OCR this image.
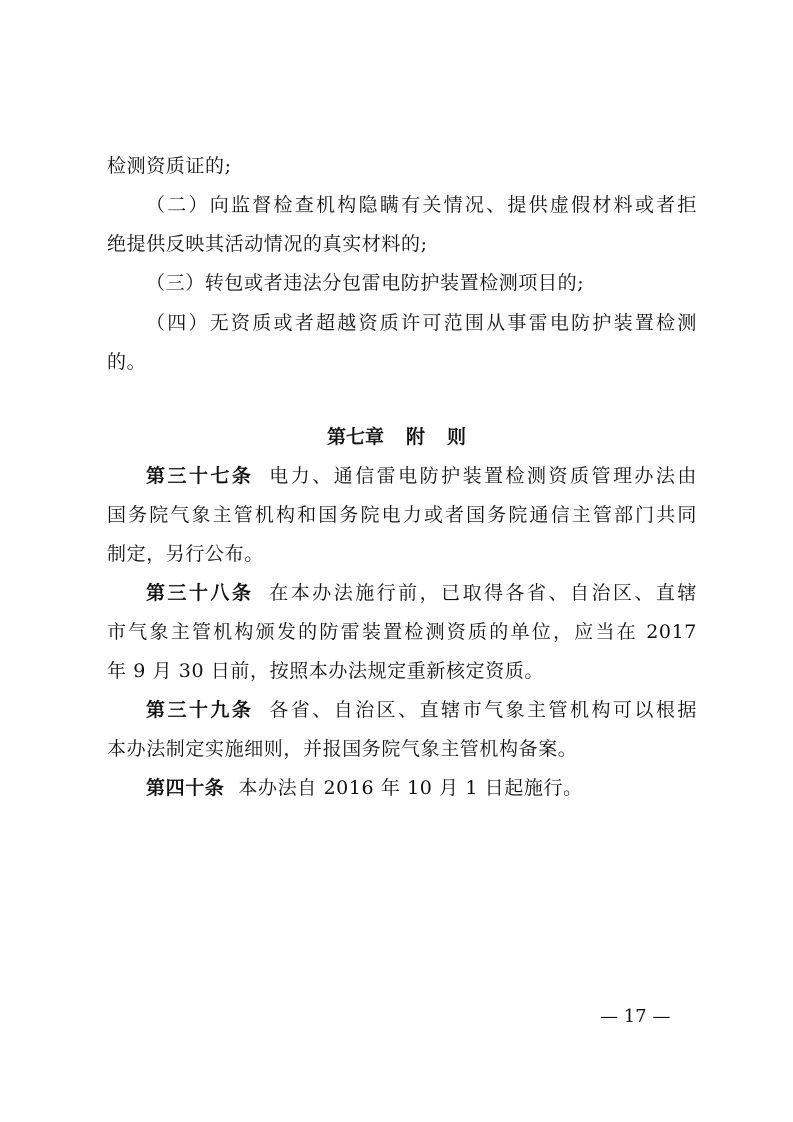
检测资质证的;
（二）向监督检查机构隐瞒有关情况、提供虚假材料或者拒
绝提供反映其活动情况的真实材料的;
（三）转包或者违法分包雷电防护装置检测项目的;
（四）无资质或者超越资质许可范围从事雷电防护装置检测
的。
第七章 附 则
第三十七条 电力、通信雷电防护装置检测资质管理办法由
国务院气象主管机构和国务院电力或者国务院通信主管部门共同
制定，另行公布。
第三十八条 在本办法施行前，已取得各省、自治区、直辖
市气象主管机构颁发的防雷装置检测资质的单位，应当在 2017
年 9 月 30 日前，按照本办法规定重新核定资质。
第三十九条 各省、自治区、直辖市气象主管机构可以根据
本办法制定实施细则，并报国务院气象主管机构备案。
第四十条 本办法自 2016 年 10 月 1 日起施行。
— 17 —
